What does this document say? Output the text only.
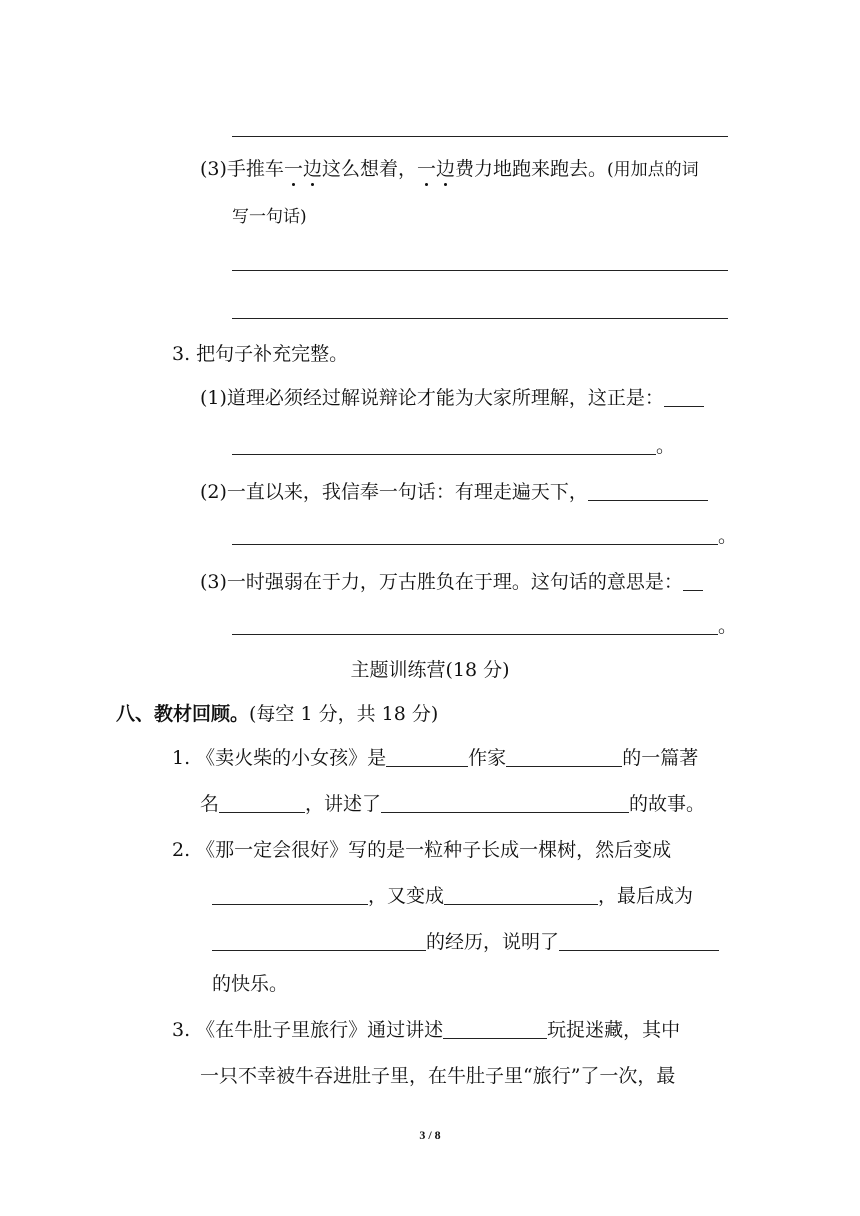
(3)手推车一边这么想着，一边费力地跑来跑去。(用加点的词
写一句话)
3. 把句子补充完整。
(1)道理必须经过解说辩论才能为大家所理解，这正是：
。
(2)一直以来，我信奉一句话：有理走遍天下，
。
(3)一时强弱在于力，万古胜负在于理。这句话的意思是：
。
主题训练营(18 分)
八、教材回顾。(每空 1 分，共 18 分)
1. 《卖火柴的小女孩》是	作家	的一篇著
名	，讲述了	的故事。
2. 《那一定会很好》写的是一粒种子长成一棵树，然后变成
，又变成	，最后成为
的经历，说明了
的快乐。
3. 《在牛肚子里旅行》通过讲述	玩捉迷藏，其中
一只不幸被牛吞进肚子里，在牛肚子里“旅行”了一次，最
3 / 8
